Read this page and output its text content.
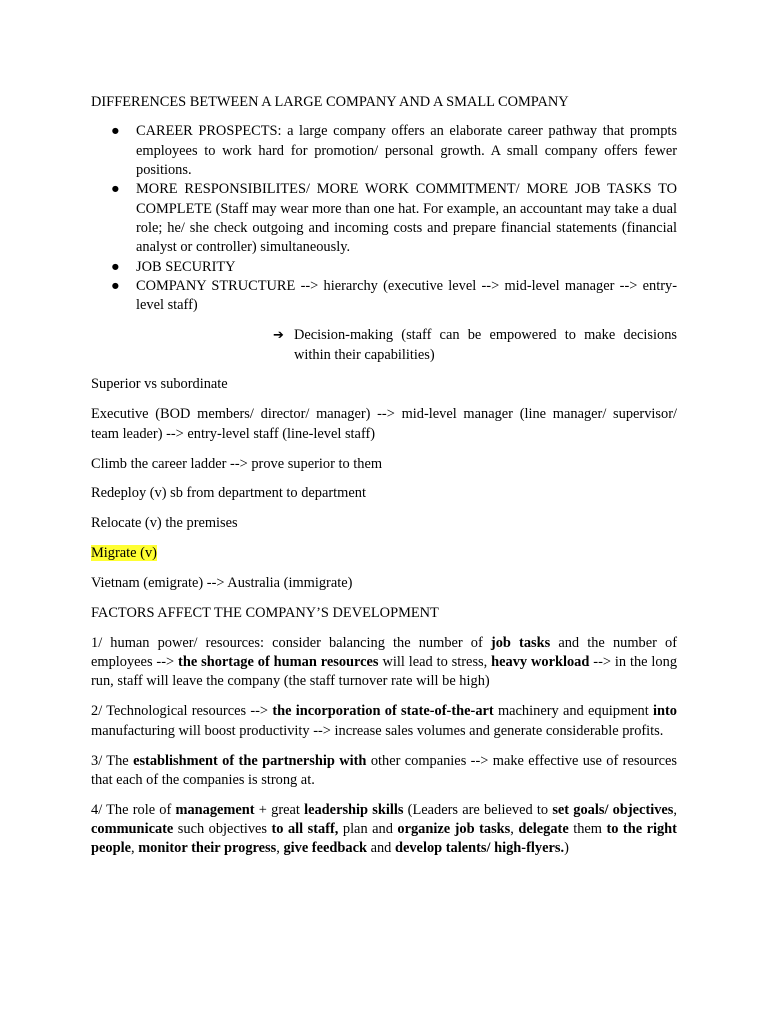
DIFFERENCES BETWEEN A LARGE COMPANY AND A SMALL COMPANY

● CAREER PROSPECTS: a large company offers an elaborate career pathway that prompts employees to work hard for promotion/ personal growth. A small company offers fewer positions.
● MORE RESPONSIBILITES/ MORE WORK COMMITMENT/ MORE JOB TASKS TO COMPLETE (Staff may wear more than one hat. For example, an accountant may take a dual role; he/ she check outgoing and incoming costs and prepare financial statements (financial analyst or controller) simultaneously.
● JOB SECURITY
● COMPANY STRUCTURE --> hierarchy (executive level --> mid-level manager --> entry-level staff)
➔ Decision-making (staff can be empowered to make decisions within their capabilities)

Superior vs subordinate

Executive (BOD members/ director/ manager) --> mid-level manager (line manager/ supervisor/ team leader) --> entry-level staff (line-level staff)

Climb the career ladder --> prove superior to them

Redeploy (v) sb from department to department

Relocate (v) the premises

Migrate (v)

Vietnam (emigrate) --> Australia (immigrate)

FACTORS AFFECT THE COMPANY’S DEVELOPMENT

1/ human power/ resources: consider balancing the number of job tasks and the number of employees --> the shortage of human resources will lead to stress, heavy workload --> in the long run, staff will leave the company (the staff turnover rate will be high)

2/ Technological resources --> the incorporation of state-of-the-art machinery and equipment into manufacturing will boost productivity --> increase sales volumes and generate considerable profits.

3/ The establishment of the partnership with other companies --> make effective use of resources that each of the companies is strong at.

4/ The role of management + great leadership skills (Leaders are believed to set goals/ objectives, communicate such objectives to all staff, plan and organize job tasks, delegate them to the right people, monitor their progress, give feedback and develop talents/ high-flyers.)
